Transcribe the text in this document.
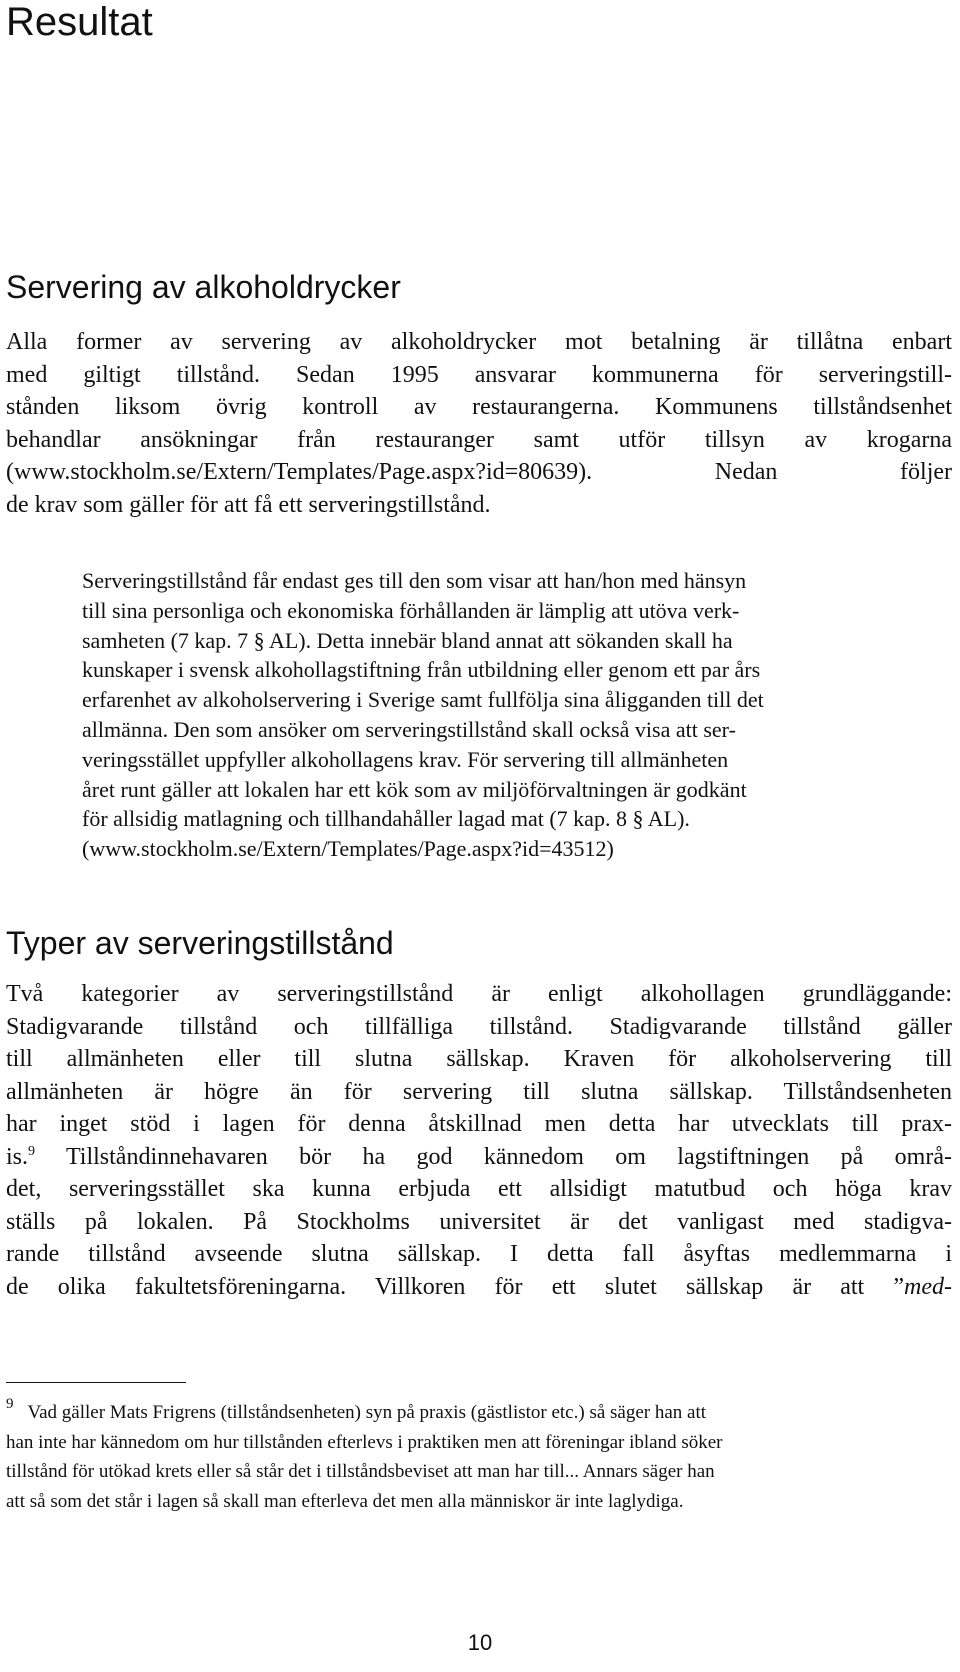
Resultat
Servering av alkoholdrycker
Alla former av servering av alkoholdrycker mot betalning är tillåtna enbart
med giltigt tillstånd. Sedan 1995 ansvarar kommunerna för serveringstill-
stånden liksom övrig kontroll av restaurangerna. Kommunens tillståndsenhet
behandlar ansökningar från restauranger samt utför tillsyn av krogarna
(www.stockholm.se/Extern/Templates/Page.aspx?id=80639). Nedan följer
de krav som gäller för att få ett serveringstillstånd.
Serveringstillstånd får endast ges till den som visar att han/hon med hänsyn
till sina personliga och ekonomiska förhållanden är lämplig att utöva verk-
samheten (7 kap. 7 § AL). Detta innebär bland annat att sökanden skall ha
kunskaper i svensk alkohollagstiftning från utbildning eller genom ett par års
erfarenhet av alkoholservering i Sverige samt fullfölja sina åligganden till det
allmänna. Den som ansöker om serveringstillstånd skall också visa att ser-
veringsstället uppfyller alkohollagens krav. För servering till allmänheten
året runt gäller att lokalen har ett kök som av miljöförvaltningen är godkänt
för allsidig matlagning och tillhandahåller lagad mat (7 kap. 8 § AL).
(www.stockholm.se/Extern/Templates/Page.aspx?id=43512)
Typer av serveringstillstånd
Två kategorier av serveringstillstånd är enligt alkohollagen grundläggande:
Stadigvarande tillstånd och tillfälliga tillstånd. Stadigvarande tillstånd gäller
till allmänheten eller till slutna sällskap. Kraven för alkoholservering till
allmänheten är högre än för servering till slutna sällskap. Tillståndsenheten
har inget stöd i lagen för denna åtskillnad men detta har utvecklats till prax-
is.$^9$ Tillståndinnehavaren bör ha god kännedom om lagstiftningen på områ-
det, serveringsstället ska kunna erbjuda ett allsidigt matutbud och höga krav
ställs på lokalen. På Stockholms universitet är det vanligast med stadigva-
rande tillstånd avseende slutna sällskap. I detta fall åsyftas medlemmarna i
de olika fakultetsföreningarna. Villkoren för ett slutet sällskap är att ”med-
$^9$ Vad gäller Mats Frigrens (tillståndsenheten) syn på praxis (gästlistor etc.) så säger han att
han inte har kännedom om hur tillstånden efterlevs i praktiken men att föreningar ibland söker
tillstånd för utökad krets eller så står det i tillståndsbeviset att man har till... Annars säger han
att så som det står i lagen så skall man efterleva det men alla människor är inte laglydiga.
10
